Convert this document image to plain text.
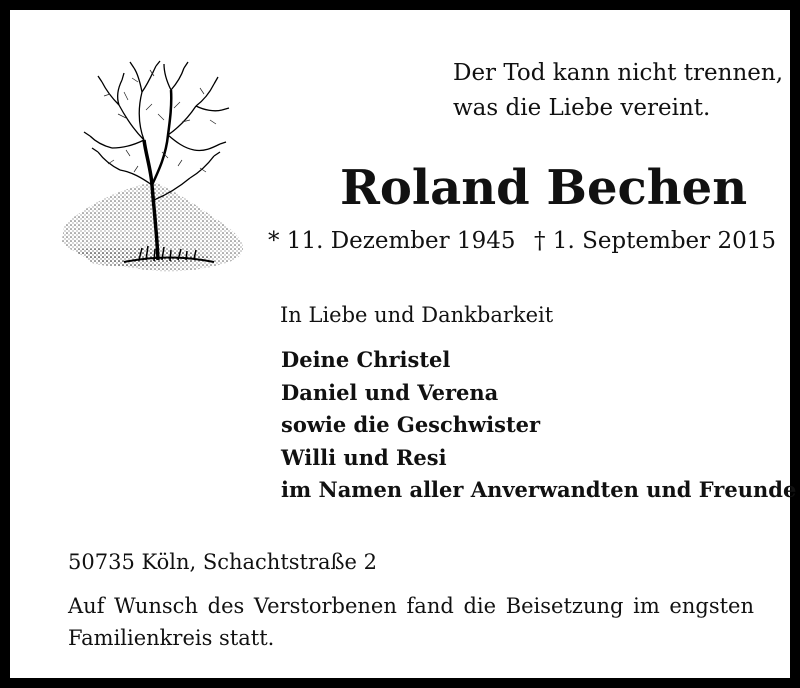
Der Tod kann nicht trennen,
was die Liebe vereint.
Roland Bechen
* 11. Dezember 1945 † 1. September 2015
In Liebe und Dankbarkeit
Deine Christel
Daniel und Verena
sowie die Geschwister
Willi und Resi
im Namen aller Anverwandten und Freunde
50735 Köln, Schachtstraße 2
Auf Wunsch des Verstorbenen fand die Beisetzung im engsten Familienkreis statt.
